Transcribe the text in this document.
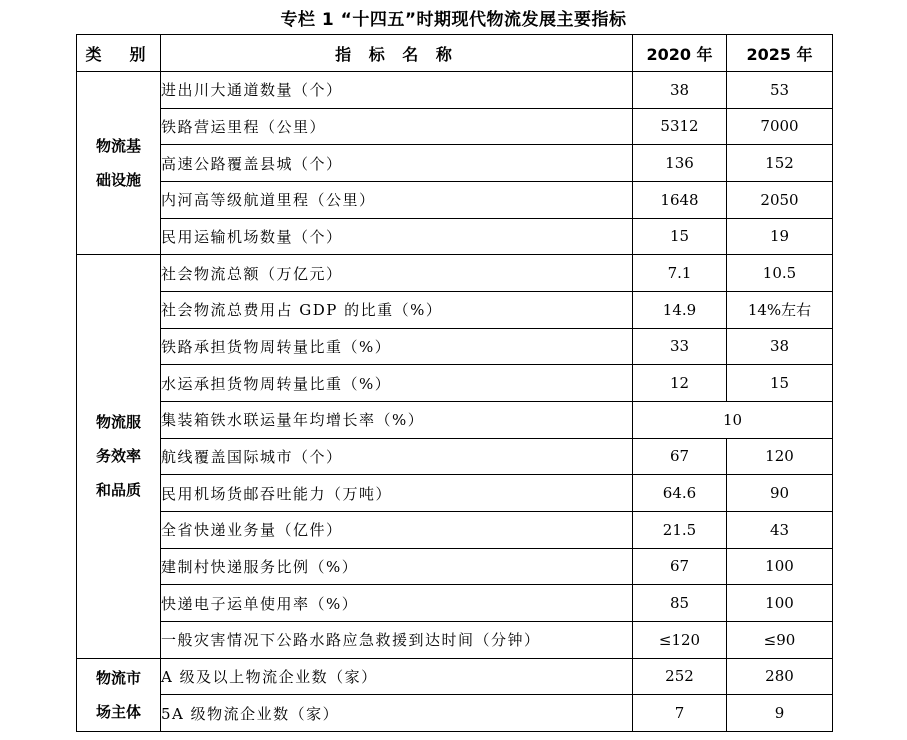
专栏 1 “十四五”时期现代物流发展主要指标
类　别	指 标 名 称	2020 年	2025 年

物流基
础设施	进出川大通道数量（个）	38	53
	铁路营运里程（公里）	5312	7000
	高速公路覆盖县城（个）	136	152
	内河高等级航道里程（公里）	1648	2050
	民用运输机场数量（个）	15	19

物流服
务效率
和品质	社会物流总额（万亿元）	7.1	10.5
	社会物流总费用占 GDP 的比重（%）	14.9	14%左右
	铁路承担货物周转量比重（%）	33	38
	水运承担货物周转量比重（%）	12	15
	集装箱铁水联运量年均增长率（%）	10	
	航线覆盖国际城市（个）	67	120
	民用机场货邮吞吐能力（万吨）	64.6	90
	全省快递业务量（亿件）	21.5	43
	建制村快递服务比例（%）	67	100
	快递电子运单使用率（%）	85	100
	一般灾害情况下公路水路应急救援到达时间（分钟）	≤120	≤90

物流市
场主体	A 级及以上物流企业数（家）	252	280
	5A 级物流企业数（家）	7	9
